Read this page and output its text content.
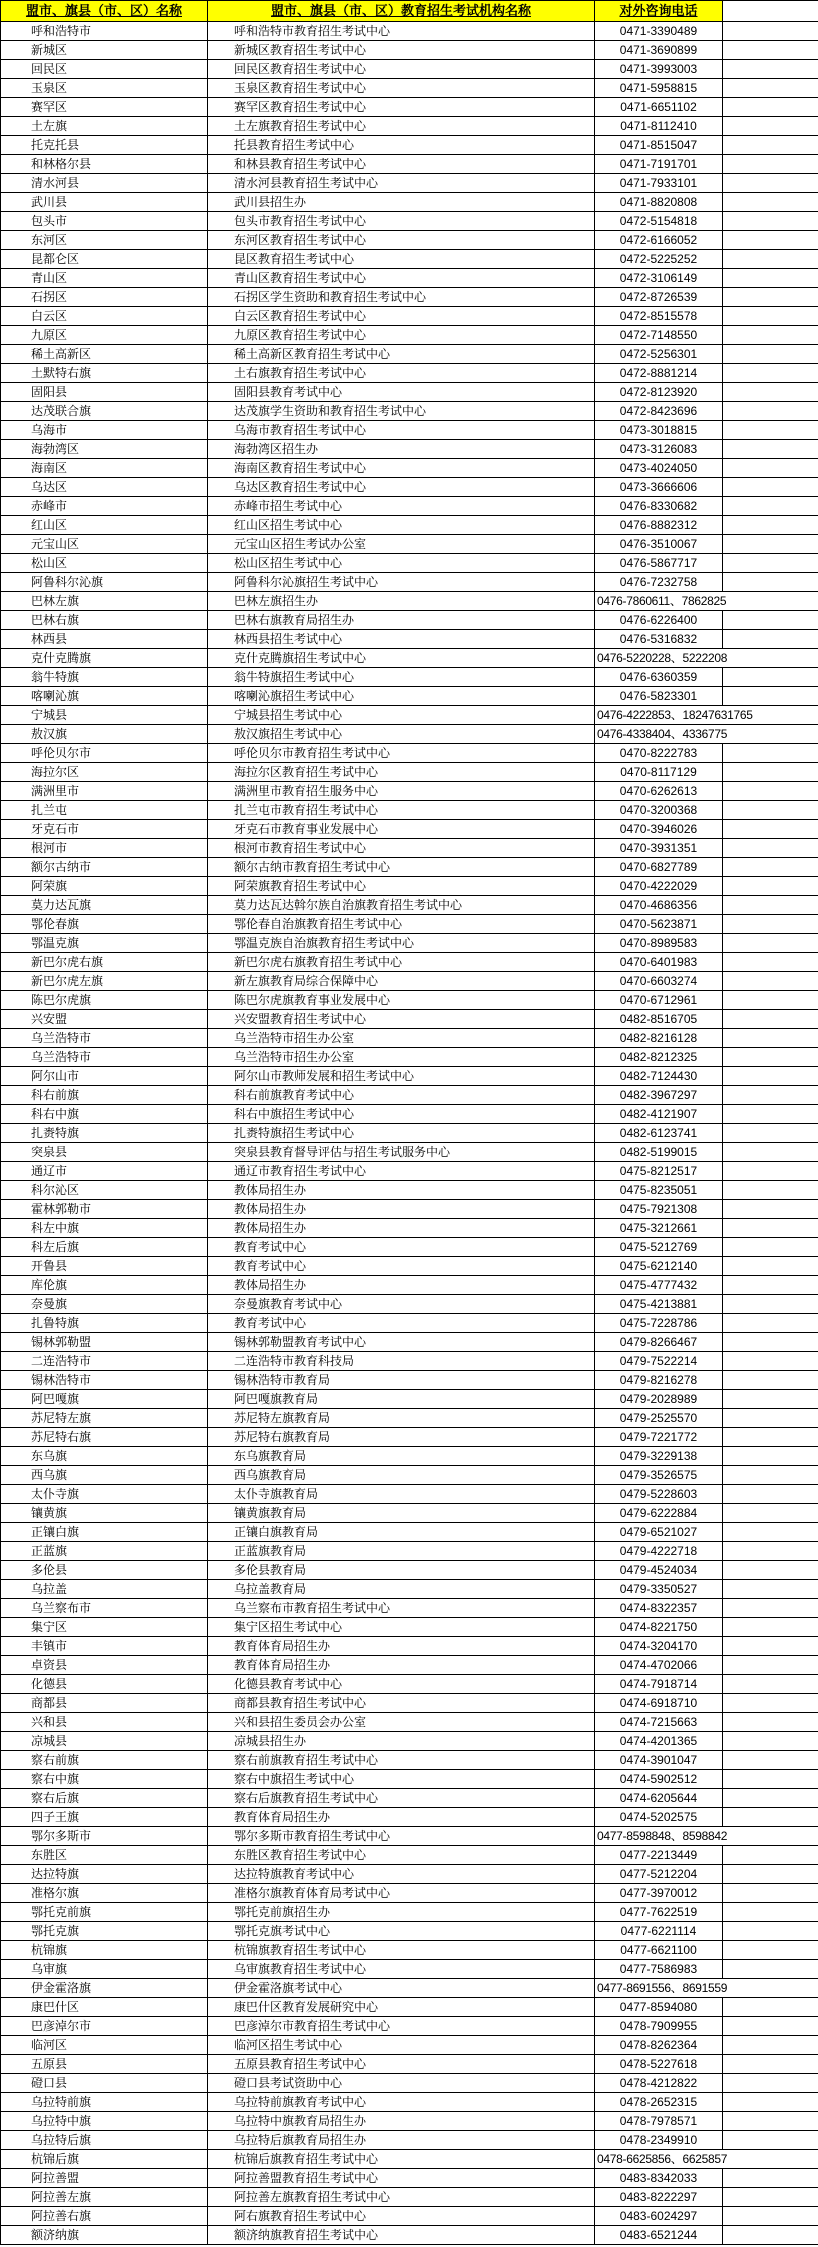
盟市、旗县（市、区）名称	盟市、旗县（市、区）教育招生考试机构名称	对外咨询电话
呼和浩特市	呼和浩特市教育招生考试中心	0471-3390489
新城区	新城区教育招生考试中心	0471-3690899
回民区	回民区教育招生考试中心	0471-3993003
玉泉区	玉泉区教育招生考试中心	0471-5958815
赛罕区	赛罕区教育招生考试中心	0471-6651102
土左旗	土左旗教育招生考试中心	0471-8112410
托克托县	托县教育招生考试中心	0471-8515047
和林格尔县	和林县教育招生考试中心	0471-7191701
清水河县	清水河县教育招生考试中心	0471-7933101
武川县	武川县招生办	0471-8820808
包头市	包头市教育招生考试中心	0472-5154818
东河区	东河区教育招生考试中心	0472-6166052
昆都仑区	昆区教育招生考试中心	0472-5225252
青山区	青山区教育招生考试中心	0472-3106149
石拐区	石拐区学生资助和教育招生考试中心	0472-8726539
白云区	白云区教育招生考试中心	0472-8515578
九原区	九原区教育招生考试中心	0472-7148550
稀土高新区	稀土高新区教育招生考试中心	0472-5256301
土默特右旗	土右旗教育招生考试中心	0472-8881214
固阳县	固阳县教育考试中心	0472-8123920
达茂联合旗	达茂旗学生资助和教育招生考试中心	0472-8423696
乌海市	乌海市教育招生考试中心	0473-3018815
海勃湾区	海勃湾区招生办	0473-3126083
海南区	海南区教育招生考试中心	0473-4024050
乌达区	乌达区教育招生考试中心	0473-3666606
赤峰市	赤峰市招生考试中心	0476-8330682
红山区	红山区招生考试中心	0476-8882312
元宝山区	元宝山区招生考试办公室	0476-3510067
松山区	松山区招生考试中心	0476-5867717
阿鲁科尔沁旗	阿鲁科尔沁旗招生考试中心	0476-7232758
巴林左旗	巴林左旗招生办	0476-7860611、7862825
巴林右旗	巴林右旗教育局招生办	0476-6226400
林西县	林西县招生考试中心	0476-5316832
克什克腾旗	克什克腾旗招生考试中心	0476-5220228、5222208
翁牛特旗	翁牛特旗招生考试中心	0476-6360359
喀喇沁旗	喀喇沁旗招生考试中心	0476-5823301
宁城县	宁城县招生考试中心	0476-4222853、18247631765
敖汉旗	敖汉旗招生考试中心	0476-4338404、4336775
呼伦贝尔市	呼伦贝尔市教育招生考试中心	0470-8222783
海拉尔区	海拉尔区教育招生考试中心	0470-8117129
满洲里市	满洲里市教育招生服务中心	0470-6262613
扎兰屯	扎兰屯市教育招生考试中心	0470-3200368
牙克石市	牙克石市教育事业发展中心	0470-3946026
根河市	根河市教育招生考试中心	0470-3931351
额尔古纳市	额尔古纳市教育招生考试中心	0470-6827789
阿荣旗	阿荣旗教育招生考试中心	0470-4222029
莫力达瓦旗	莫力达瓦达斡尔族自治旗教育招生考试中心	0470-4686356
鄂伦春旗	鄂伦春自治旗教育招生考试中心	0470-5623871
鄂温克旗	鄂温克族自治旗教育招生考试中心	0470-8989583
新巴尔虎右旗	新巴尔虎右旗教育招生考试中心	0470-6401983
新巴尔虎左旗	新左旗教育局综合保障中心	0470-6603274
陈巴尔虎旗	陈巴尔虎旗教育事业发展中心	0470-6712961
兴安盟	兴安盟教育招生考试中心	0482-8516705
乌兰浩特市	乌兰浩特市招生办公室	0482-8216128
乌兰浩特市	乌兰浩特市招生办公室	0482-8212325
阿尔山市	阿尔山市教师发展和招生考试中心	0482-7124430
科右前旗	科右前旗教育考试中心	0482-3967297
科右中旗	科右中旗招生考试中心	0482-4121907
扎赉特旗	扎赉特旗招生考试中心	0482-6123741
突泉县	突泉县教育督导评估与招生考试服务中心	0482-5199015
通辽市	通辽市教育招生考试中心	0475-8212517
科尔沁区	教体局招生办	0475-8235051
霍林郭勒市	教体局招生办	0475-7921308
科左中旗	教体局招生办	0475-3212661
科左后旗	教育考试中心	0475-5212769
开鲁县	教育考试中心	0475-6212140
库伦旗	教体局招生办	0475-4777432
奈曼旗	奈曼旗教育考试中心	0475-4213881
扎鲁特旗	教育考试中心	0475-7228786
锡林郭勒盟	锡林郭勒盟教育考试中心	0479-8266467
二连浩特市	二连浩特市教育科技局	0479-7522214
锡林浩特市	锡林浩特市教育局	0479-8216278
阿巴嘎旗	阿巴嘎旗教育局	0479-2028989
苏尼特左旗	苏尼特左旗教育局	0479-2525570
苏尼特右旗	苏尼特右旗教育局	0479-7221772
东乌旗	东乌旗教育局	0479-3229138
西乌旗	西乌旗教育局	0479-3526575
太仆寺旗	太仆寺旗教育局	0479-5228603
镶黄旗	镶黄旗教育局	0479-6222884
正镶白旗	正镶白旗教育局	0479-6521027
正蓝旗	正蓝旗教育局	0479-4222718
多伦县	多伦县教育局	0479-4524034
乌拉盖	乌拉盖教育局	0479-3350527
乌兰察布市	乌兰察布市教育招生考试中心	0474-8322357
集宁区	集宁区招生考试中心	0474-8221750
丰镇市	教育体育局招生办	0474-3204170
卓资县	教育体育局招生办	0474-4702066
化德县	化德县教育考试中心	0474-7918714
商都县	商都县教育招生考试中心	0474-6918710
兴和县	兴和县招生委员会办公室	0474-7215663
凉城县	凉城县招生办	0474-4201365
察右前旗	察右前旗教育招生考试中心	0474-3901047
察右中旗	察右中旗招生考试中心	0474-5902512
察右后旗	察右后旗教育招生考试中心	0474-6205644
四子王旗	教育体育局招生办	0474-5202575
鄂尔多斯市	鄂尔多斯市教育招生考试中心	0477-8598848、8598842
东胜区	东胜区教育招生考试中心	0477-2213449
达拉特旗	达拉特旗教育考试中心	0477-5212204
准格尔旗	准格尔旗教育体育局考试中心	0477-3970012
鄂托克前旗	鄂托克前旗招生办	0477-7622519
鄂托克旗	鄂托克旗考试中心	0477-6221114
杭锦旗	杭锦旗教育招生考试中心	0477-6621100
乌审旗	乌审旗教育招生考试中心	0477-7586983
伊金霍洛旗	伊金霍洛旗考试中心	0477-8691556、8691559
康巴什区	康巴什区教育发展研究中心	0477-8594080
巴彦淖尔市	巴彦淖尔市教育招生考试中心	0478-7909955
临河区	临河区招生考试中心	0478-8262364
五原县	五原县教育招生考试中心	0478-5227618
磴口县	磴口县考试资助中心	0478-4212822
乌拉特前旗	乌拉特前旗教育考试中心	0478-2652315
乌拉特中旗	乌拉特中旗教育局招生办	0478-7978571
乌拉特后旗	乌拉特后旗教育局招生办	0478-2349910
杭锦后旗	杭锦后旗教育招生考试中心	0478-6625856、6625857
阿拉善盟	阿拉善盟教育招生考试中心	0483-8342033
阿拉善左旗	阿拉善左旗教育招生考试中心	0483-8222297
阿拉善右旗	阿右旗教育招生考试中心	0483-6024297
额济纳旗	额济纳旗教育招生考试中心	0483-6521244
